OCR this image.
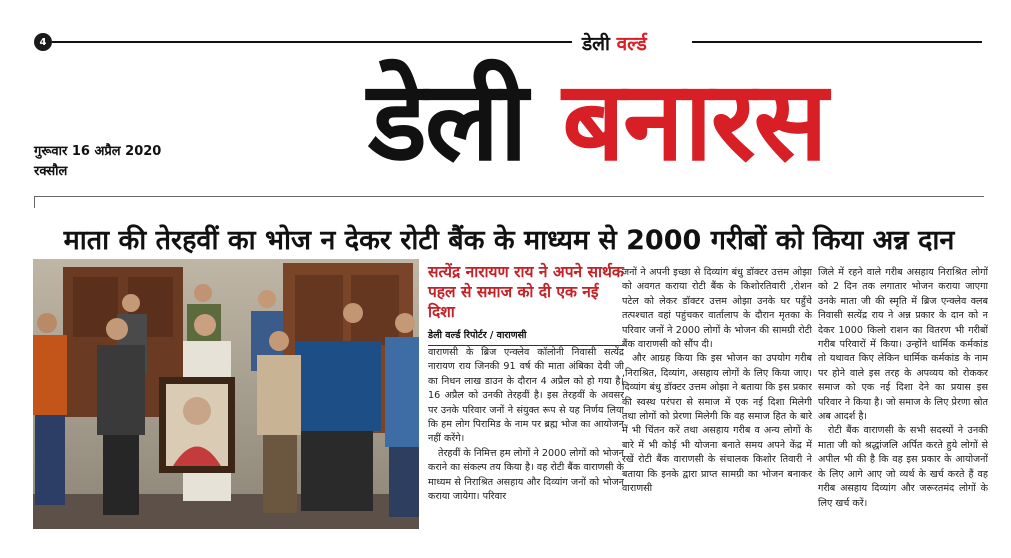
4	डेली वर्ल्ड
डेली बनारस
गुरूवार 16 अप्रैल 2020
रक्सौल
माता की तेरहवीं का भोज न देकर रोटी बैंक के माध्यम से 2000 गरीबों को किया अन्न दान
सत्येंद्र नारायण राय ने अपने सार्थक पहल से समाज को दी एक नई दिशा
डेली वर्ल्ड रिपोर्टर / वाराणसी

वाराणसी के ब्रिज एन्क्लेव कॉलोनी निवासी सत्येंद्र नारायण राय जिनकी 91 वर्ष की माता अंबिका देवी जी का निधन लाख डाउन के दौरान 4 अप्रैल को हो गया है। 16 अप्रैल को उनकी तेरहवीं है। इस तेरहवीं के अवसर पर उनके परिवार जनों ने संयुक्त रूप से यह निर्णय लिया कि हम लोग पिरामिड के नाम पर ब्रह्म भोज का आयोजन नहीं करेंगे।

तेरहवीं के निमित्त हम लोगों ने 2000 लोगों को भोजन कराने का संकल्प तय किया है। वह रोटी बैंक वाराणसी के माध्यम से निराश्रित असहाय और दिव्यांग जनों को भोजन कराया जायेगा। परिवार

जनों ने अपनी इच्छा से दिव्यांग बंधु डॉक्टर उत्तम ओझा को अवगत कराया रोटी बैंक के किशोरतिवारी ,रोशन पटेल को लेकर डॉक्टर उत्तम ओझा उनके घर पहुँचे तत्पश्चात वहां पहुंचकर वार्तालाप के दौरान मृतका के परिवार जनों ने 2000 लोगों के भोजन की सामग्री रोटी बैंक वाराणसी को सौंप दी।

और आग्रह किया कि इस भोजन का उपयोग गरीब ,निराश्रित, दिव्यांग, असहाय लोगों के लिए किया जाए। दिव्यांग बंधु डॉक्टर उत्तम ओझा ने बताया कि इस प्रकार की स्वस्थ परंपरा से समाज में एक नई दिशा मिलेगी तथा लोगों को प्रेरणा मिलेगी कि वह समाज हित के बारे में भी चिंतन करें तथा असहाय गरीब व अन्य लोगों के बारे में भी कोई भी योजना बनाते समय अपने केंद्र में रखें रोटी बैंक वाराणसी के संचालक किशोर तिवारी ने बताया कि इनके द्वारा प्राप्त सामग्री का भोजन बनाकर वाराणसी

जिले में रहने वाले गरीब असहाय निराश्रित लोगों को 2 दिन तक लगातार भोजन कराया जाएगा उनके माता जी की स्मृति में ब्रिज एन्क्लेव क्लब निवासी सत्येंद्र राय ने अन्न प्रकार के दान को न देकर 1000 किलो राशन का वितरण भी गरीबों गरीब परिवारों में किया। उन्होंने धार्मिक कर्मकांड तो यथावत किए लेकिन धार्मिक कर्मकांड के नाम पर होने वाले इस तरह के अपव्यय को रोककर समाज को एक नई दिशा देने का प्रयास इस परिवार ने किया है। जो समाज के लिए प्रेरणा स्रोत अब आदर्श है।

रोटी बैंक वाराणसी के सभी सदस्यों ने उनकी माता जी को श्रद्धांजलि अर्पित करते हुये लोगों से अपील भी की है कि वह इस प्रकार के आयोजनों के लिए आगे आए जो व्यर्थ के खर्च करते हैं वह गरीब असहाय दिव्यांग और जरूरतमंद लोगों के लिए खर्च करें।
